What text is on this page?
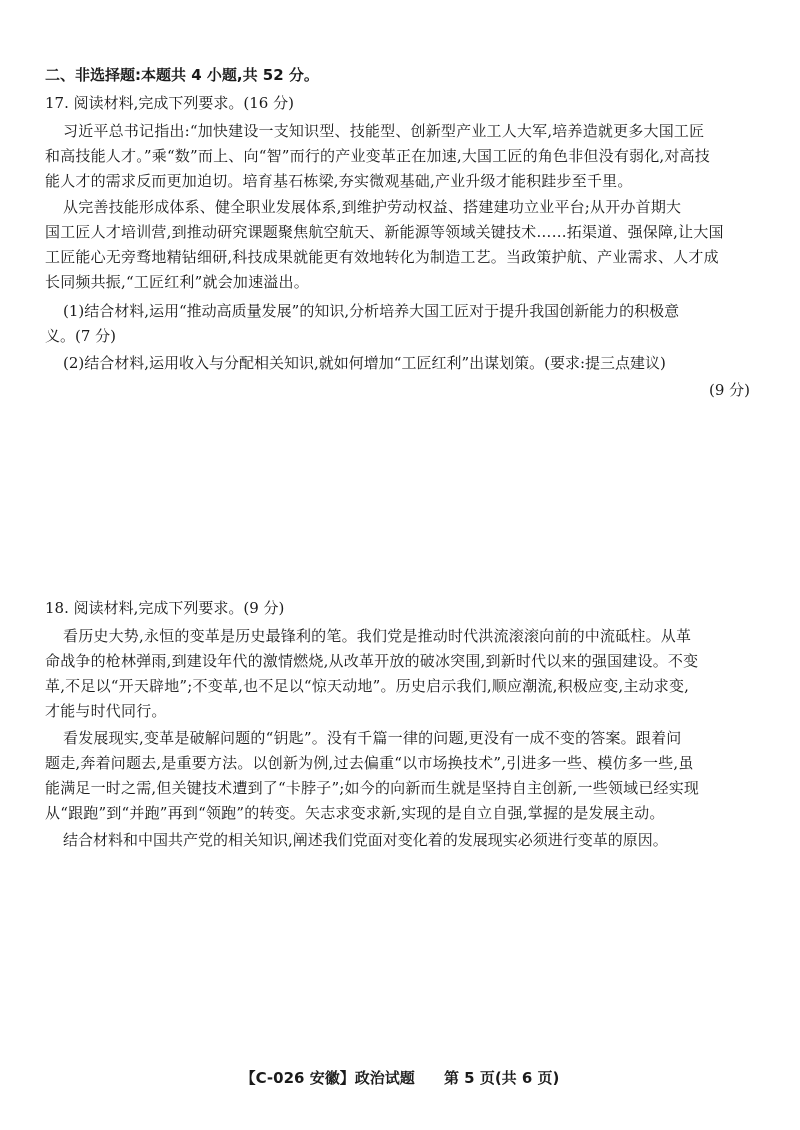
二、非选择题:本题共 4 小题,共 52 分。
17. 阅读材料,完成下列要求。(16 分)
习近平总书记指出:“加快建设一支知识型、技能型、创新型产业工人大军,培养造就更多大国工匠
和高技能人才。”乘“数”而上、向“智”而行的产业变革正在加速,大国工匠的角色非但没有弱化,对高技
能人才的需求反而更加迫切。培育基石栋梁,夯实微观基础,产业升级才能积跬步至千里。
从完善技能形成体系、健全职业发展体系,到维护劳动权益、搭建建功立业平台;从开办首期大
国工匠人才培训营,到推动研究课题聚焦航空航天、新能源等领域关键技术……拓渠道、强保障,让大国
工匠能心无旁骛地精钻细研,科技成果就能更有效地转化为制造工艺。当政策护航、产业需求、人才成
长同频共振,“工匠红利”就会加速溢出。
(1)结合材料,运用“推动高质量发展”的知识,分析培养大国工匠对于提升我国创新能力的积极意
义。(7 分)
(2)结合材料,运用收入与分配相关知识,就如何增加“工匠红利”出谋划策。(要求:提三点建议)
(9 分)
18. 阅读材料,完成下列要求。(9 分)
看历史大势,永恒的变革是历史最锋利的笔。我们党是推动时代洪流滚滚向前的中流砥柱。从革
命战争的枪林弹雨,到建设年代的激情燃烧,从改革开放的破冰突围,到新时代以来的强国建设。不变
革,不足以“开天辟地”;不变革,也不足以“惊天动地”。历史启示我们,顺应潮流,积极应变,主动求变,
才能与时代同行。
看发展现实,变革是破解问题的“钥匙”。没有千篇一律的问题,更没有一成不变的答案。跟着问
题走,奔着问题去,是重要方法。以创新为例,过去偏重“以市场换技术”,引进多一些、模仿多一些,虽
能满足一时之需,但关键技术遭到了“卡脖子”;如今的向新而生就是坚持自主创新,一些领域已经实现
从“跟跑”到“并跑”再到“领跑”的转变。矢志求变求新,实现的是自立自强,掌握的是发展主动。
结合材料和中国共产党的相关知识,阐述我们党面对变化着的发展现实必须进行变革的原因。
【C-026 安徽】政治试题 第 5 页(共 6 页)
